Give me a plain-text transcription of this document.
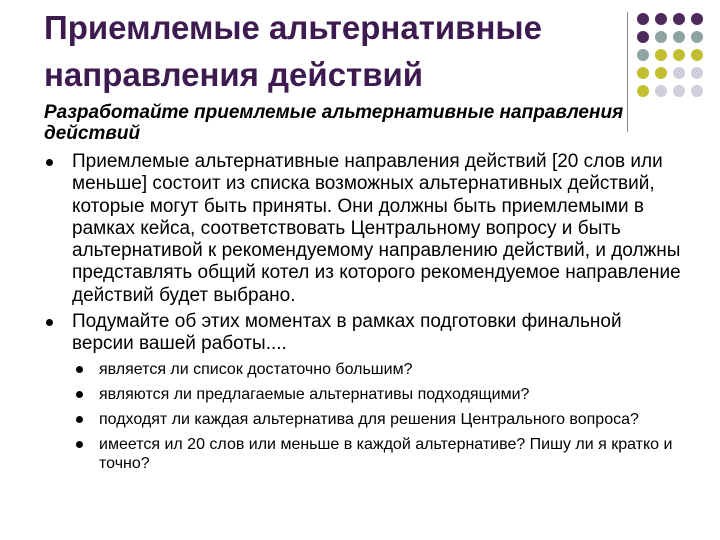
Приемлемые альтернативные направления действий
Разработайте приемлемые альтернативные направления действий
Приемлемые альтернативные направления действий [20 слов или меньше] состоит из списка возможных альтернативных действий, которые могут быть приняты. Они должны быть приемлемыми в рамках кейса, соответствовать Центральному вопросу и быть альтернативой к рекомендуемому направлению действий, и должны представлять общий котел из которого рекомендуемое направление действий будет выбрано.
Подумайте об этих моментах в рамках подготовки финальной версии вашей работы....
является ли список достаточно большим?
являются ли предлагаемые альтернативы подходящими?
подходят ли каждая альтернатива для решения Центрального вопроса?
имеется ил 20 слов или меньше в каждой альтернативе? Пишу ли я кратко и точно?
